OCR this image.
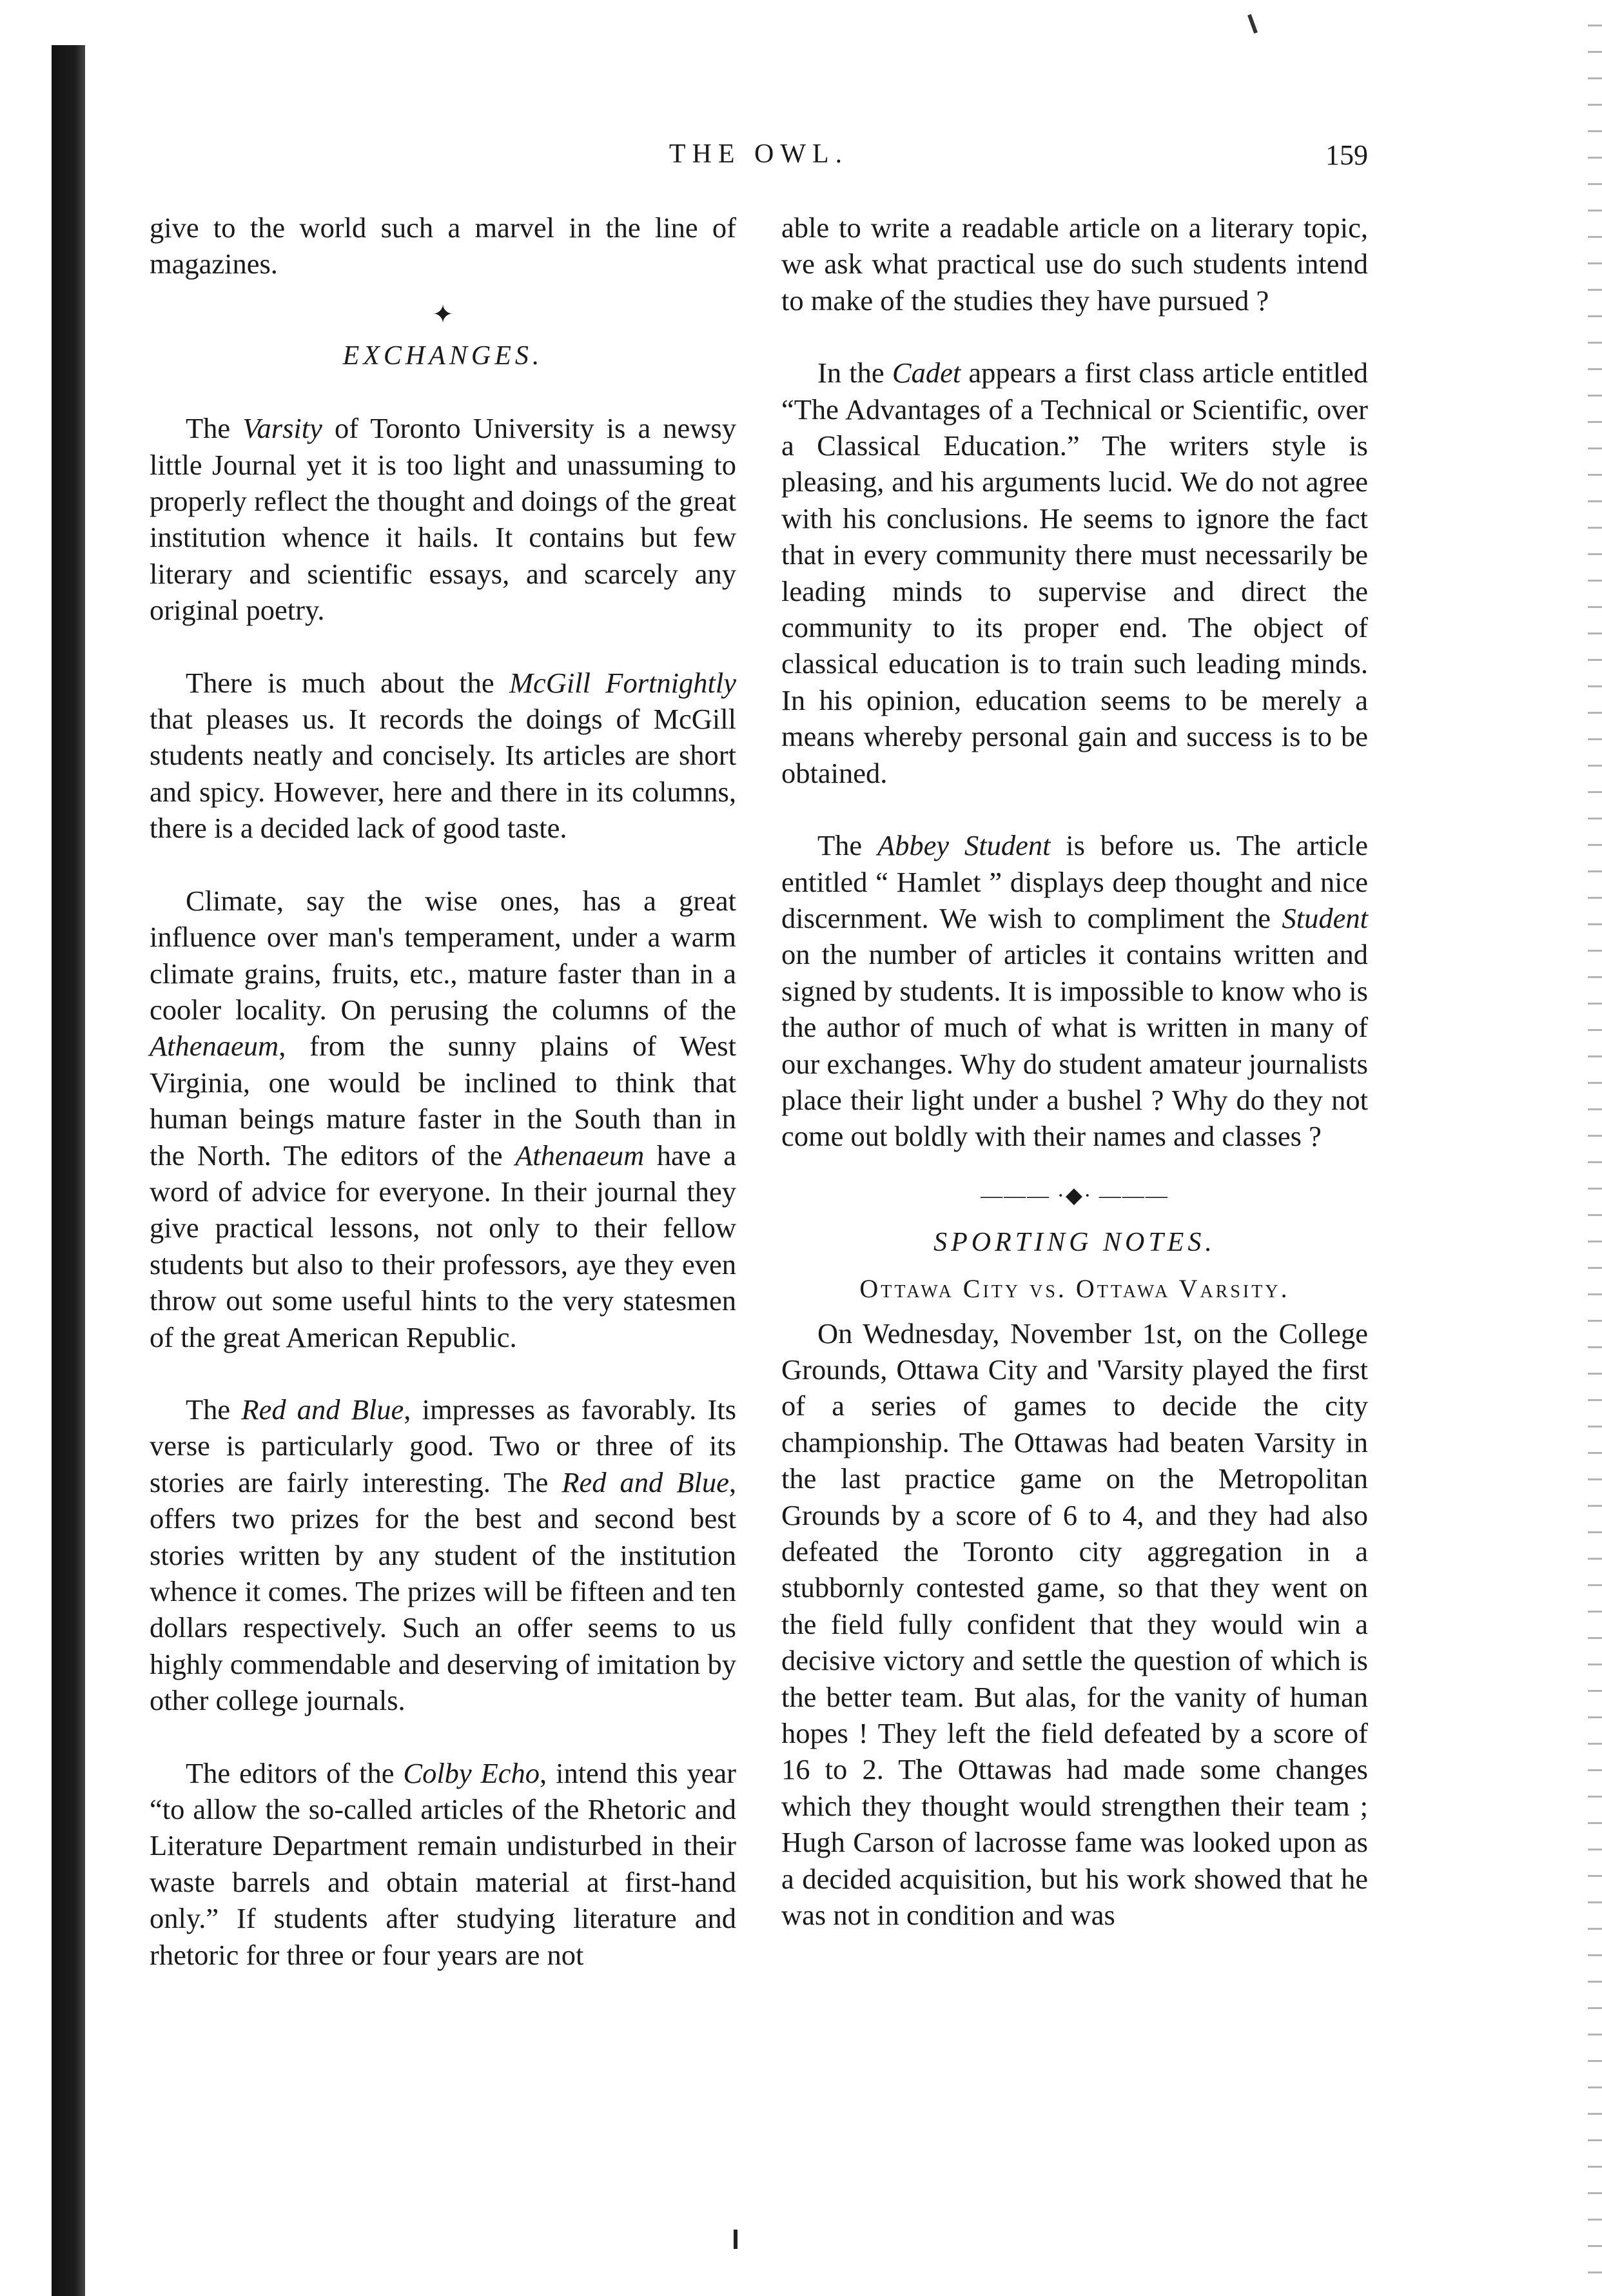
THE OWL.	159

give to the world such a marvel in the line of magazines.

✦

EXCHANGES.

The Varsity of Toronto University is a newsy little Journal yet it is too light and unassuming to properly reflect the thought and doings of the great institution whence it hails. It contains but few literary and scientific essays, and scarcely any original poetry.

There is much about the McGill Fortnightly that pleases us. It records the doings of McGill students neatly and concisely. Its articles are short and spicy. However, here and there in its columns, there is a decided lack of good taste.

Climate, say the wise ones, has a great influence over man's temperament, under a warm climate grains, fruits, etc., mature faster than in a cooler locality. On perusing the columns of the Athenaeum, from the sunny plains of West Virginia, one would be inclined to think that human beings mature faster in the South than in the North. The editors of the Athenaeum have a word of advice for everyone. In their journal they give practical lessons, not only to their fellow students but also to their professors, aye they even throw out some useful hints to the very statesmen of the great American Republic.

The Red and Blue, impresses as favorably. Its verse is particularly good. Two or three of its stories are fairly interesting. The Red and Blue, offers two prizes for the best and second best stories written by any student of the institution whence it comes. The prizes will be fifteen and ten dollars respectively. Such an offer seems to us highly commendable and deserving of imitation by other college journals.

The editors of the Colby Echo, intend this year “to allow the so-called articles of the Rhetoric and Literature Department remain undisturbed in their waste barrels and obtain material at first-hand only.” If students after studying literature and rhetoric for three or four years are not

able to write a readable article on a literary topic, we ask what practical use do such students intend to make of the studies they have pursued ?

In the Cadet appears a first class article entitled “The Advantages of a Technical or Scientific, over a Classical Education.” The writers style is pleasing, and his arguments lucid. We do not agree with his conclusions. He seems to ignore the fact that in every community there must necessarily be leading minds to supervise and direct the community to its proper end. The object of classical education is to train such leading minds. In his opinion, education seems to be merely a means whereby personal gain and success is to be obtained.

The Abbey Student is before us. The article entitled “ Hamlet ” displays deep thought and nice discernment. We wish to compliment the Student on the number of articles it contains written and signed by students. It is impossible to know who is the author of much of what is written in many of our exchanges. Why do student amateur journalists place their light under a bushel ? Why do they not come out boldly with their names and classes ?

——— ·◆· ———

SPORTING NOTES.

Ottawa City vs. Ottawa Varsity.

On Wednesday, November 1st, on the College Grounds, Ottawa City and 'Varsity played the first of a series of games to decide the city championship. The Ottawas had beaten Varsity in the last practice game on the Metropolitan Grounds by a score of 6 to 4, and they had also defeated the Toronto city aggregation in a stubbornly contested game, so that they went on the field fully confident that they would win a decisive victory and settle the question of which is the better team. But alas, for the vanity of human hopes ! They left the field defeated by a score of 16 to 2. The Ottawas had made some changes which they thought would strengthen their team ; Hugh Carson of lacrosse fame was looked upon as a decided acquisition, but his work showed that he was not in condition and was
